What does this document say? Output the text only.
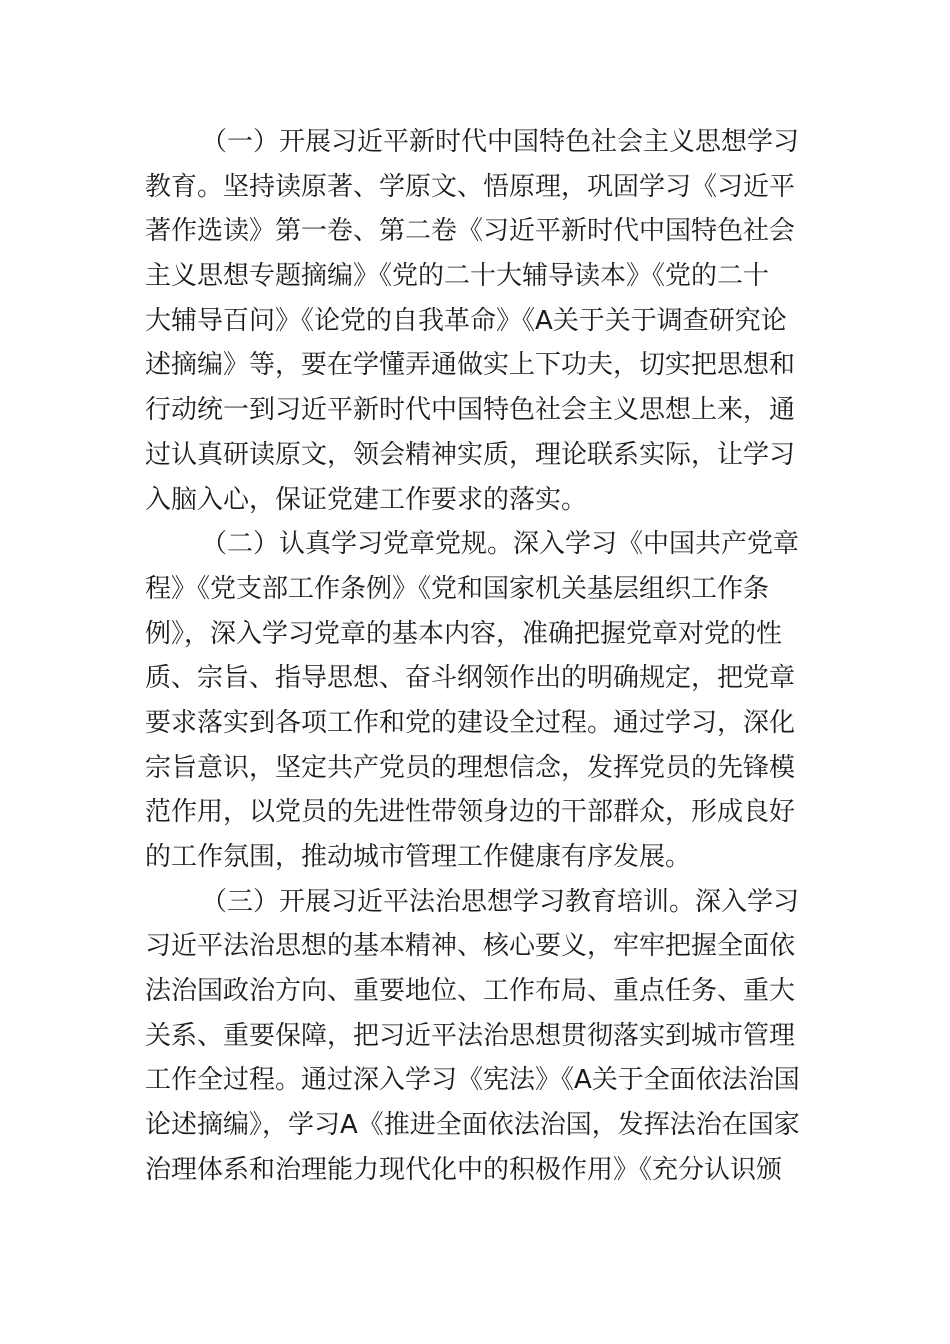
（一）开展习近平新时代中国特色社会主义思想学习
教育。坚持读原著、学原文、悟原理，巩固学习《习近平
著作选读》第一卷、第二卷《习近平新时代中国特色社会
主义思想专题摘编》《党的二十大辅导读本》《党的二十
大辅导百问》《论党的自我革命》《A关于关于调查研究论
述摘编》等，要在学懂弄通做实上下功夫，切实把思想和
行动统一到习近平新时代中国特色社会主义思想上来，通
过认真研读原文，领会精神实质，理论联系实际，让学习
入脑入心，保证党建工作要求的落实。
（二）认真学习党章党规。深入学习《中国共产党章
程》《党支部工作条例》《党和国家机关基层组织工作条
例》，深入学习党章的基本内容，准确把握党章对党的性
质、宗旨、指导思想、奋斗纲领作出的明确规定，把党章
要求落实到各项工作和党的建设全过程。通过学习，深化
宗旨意识，坚定共产党员的理想信念，发挥党员的先锋模
范作用，以党员的先进性带领身边的干部群众，形成良好
的工作氛围，推动城市管理工作健康有序发展。
（三）开展习近平法治思想学习教育培训。深入学习
习近平法治思想的基本精神、核心要义，牢牢把握全面依
法治国政治方向、重要地位、工作布局、重点任务、重大
关系、重要保障，把习近平法治思想贯彻落实到城市管理
工作全过程。通过深入学习《宪法》《A关于全面依法治国
论述摘编》，学习A《推进全面依法治国，发挥法治在国家
治理体系和治理能力现代化中的积极作用》《充分认识颁
